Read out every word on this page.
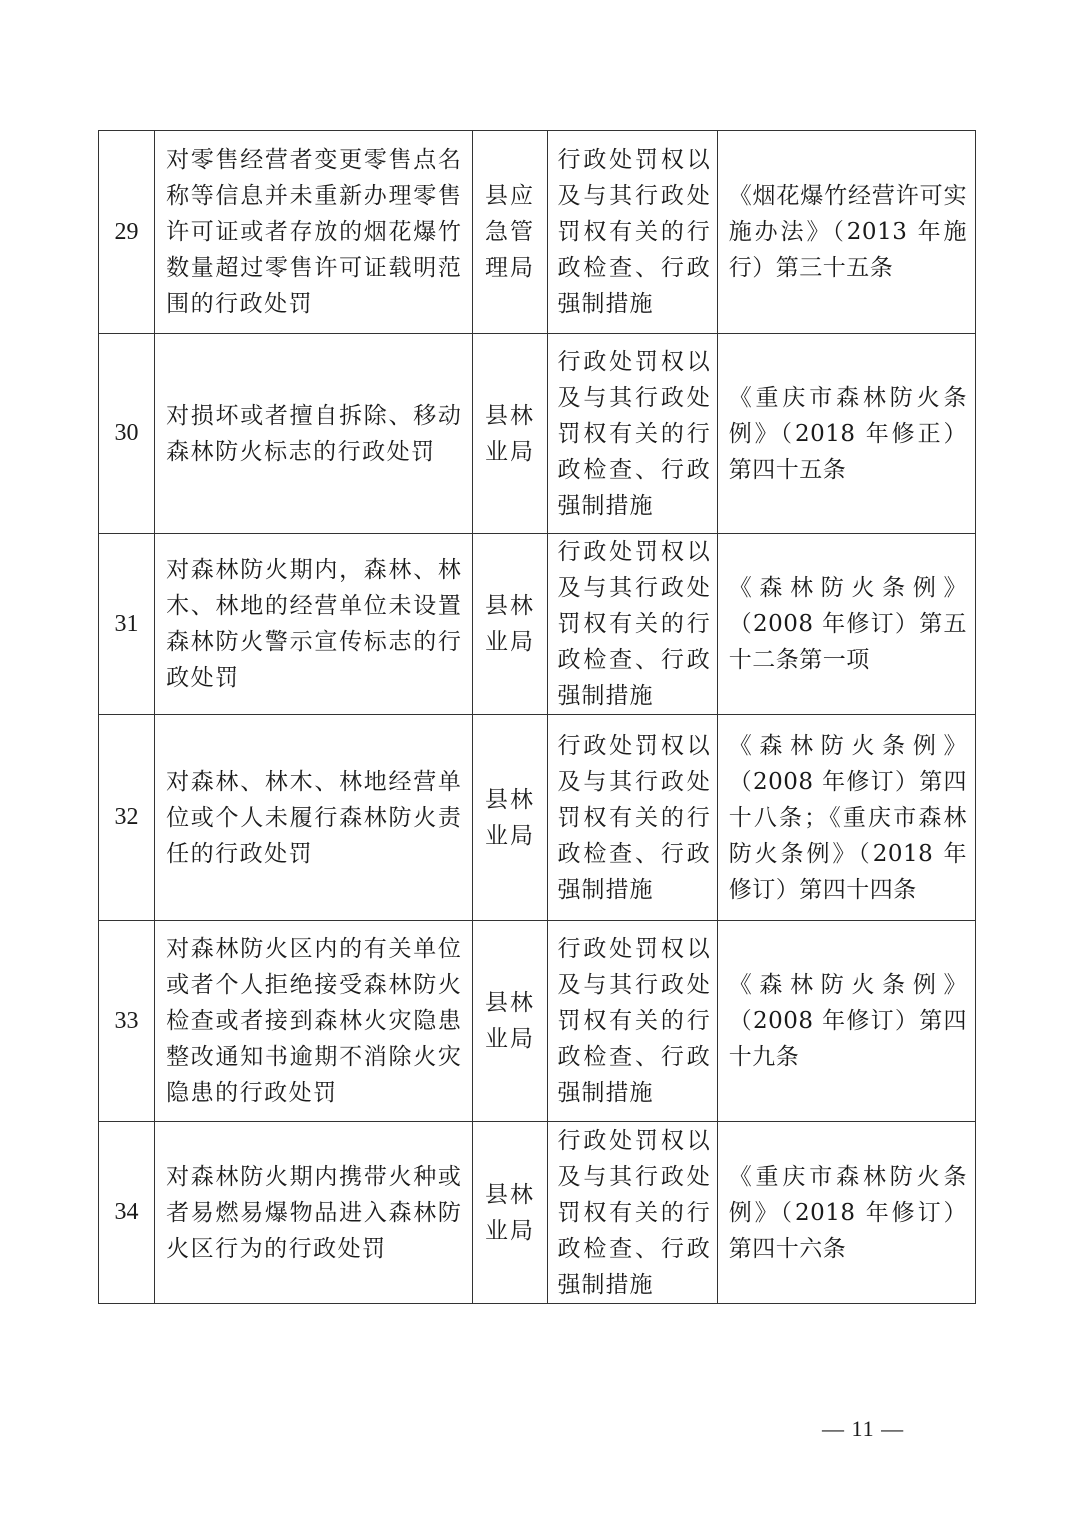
29	对零售经营者变更零售点名称等信息并未重新办理零售许可证或者存放的烟花爆竹数量超过零售许可证载明范围的行政处罚	县应急管理局	行政处罚权以及与其行政处罚权有关的行政检查、行政强制措施	《烟花爆竹经营许可实施办法》（2013 年施行）第三十五条

30	对损坏或者擅自拆除、移动森林防火标志的行政处罚	县林业局	行政处罚权以及与其行政处罚权有关的行政检查、行政强制措施	《重庆市森林防火条例》（2018 年修正）第四十五条

31	对森林防火期内，森林、林木、林地的经营单位未设置森林防火警示宣传标志的行政处罚	县林业局	行政处罚权以及与其行政处罚权有关的行政检查、行政强制措施	《森林防火条例》（2008 年修订）第五十二条第一项

32	对森林、林木、林地经营单位或个人未履行森林防火责任的行政处罚	县林业局	行政处罚权以及与其行政处罚权有关的行政检查、行政强制措施	《森林防火条例》（2008 年修订）第四十八条；《重庆市森林防火条例》（2018 年修订）第四十四条

33	对森林防火区内的有关单位或者个人拒绝接受森林防火检查或者接到森林火灾隐患整改通知书逾期不消除火灾隐患的行政处罚	县林业局	行政处罚权以及与其行政处罚权有关的行政检查、行政强制措施	《森林防火条例》（2008 年修订）第四十九条

34	对森林防火期内携带火种或者易燃易爆物品进入森林防火区行为的行政处罚	县林业局	行政处罚权以及与其行政处罚权有关的行政检查、行政强制措施	《重庆市森林防火条例》（2018 年修订）第四十六条
— 11 —
